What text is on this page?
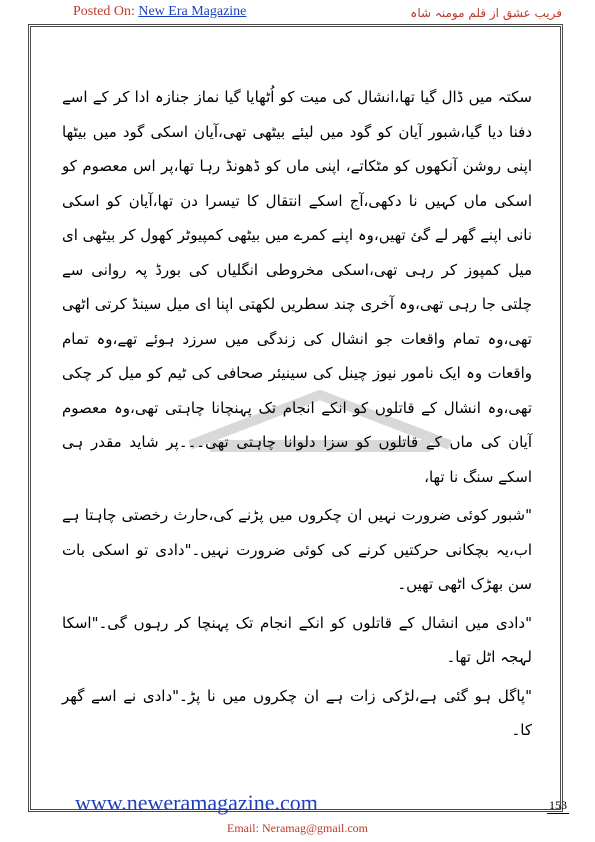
Posted On: New Era Magazine	فریب عشق از قلم مومنہ شاہ

سکتہ میں ڈال گیا تھا،انشال کی میت کو اُٹھایا گیا نماز جنازہ ادا کر کے اسے دفنا دیا گیا،شبور آیان کو گود میں لیئے بیٹھی تھی،آیان اسکی گود میں بیٹھا اپنی روشن آنکھوں کو مٹکاتے، اپنی ماں کو ڈھونڈ رہا تھا،پر اس معصوم کو اسکی ماں کہیں نا دکھی،آج اسکے انتقال کا تیسرا دن تھا،آیان کو اسکی نانی اپنے گھر لے گئ تھیں،وہ اپنے کمرے میں بیٹھی کمپیوٹر کھول کر بیٹھی ای میل کمپوز کر رہی تھی،اسکی مخروطی انگلیاں کی بورڈ پہ روانی سے چلتی جا رہی تھی،وہ آخری چند سطریں لکھتی اپنا ای میل سینڈ کرتی اٹھی تھی،وہ تمام واقعات جو انشال کی زندگی میں سرزد ہوئے تھے،وہ تمام واقعات وہ ایک نامور نیوز چینل کی سینیئر صحافی کی ٹیم کو میل کر چکی تھی،وہ انشال کے قاتلوں کو انکے انجام تک پہنچانا چاہتی تھی،وہ معصوم آیان کی ماں کے قاتلوں کو سزا دلوانا چاہتی تھی۔۔۔پر شاید مقدر ہی اسکے سنگ نا تھا،

"شبور کوئی ضرورت نہیں ان چکروں میں پڑنے کی،حارث رخصتی چاہتا ہے اب،یہ بچکانی حرکتیں کرنے کی کوئی ضرورت نہیں۔"دادی تو اسکی بات سن بھڑک اٹھی تھیں۔

"دادی میں انشال کے قاتلوں کو انکے انجام تک پہنچا کر رہوں گی۔"اسکا لہجہ اٹل تھا۔

"پاگل ہو گئی ہے،لڑکی زات ہے ان چکروں میں نا پڑ۔"دادی نے اسے گھر کا۔

www.neweramagazine.com	153
Email: Neramag@gmail.com
